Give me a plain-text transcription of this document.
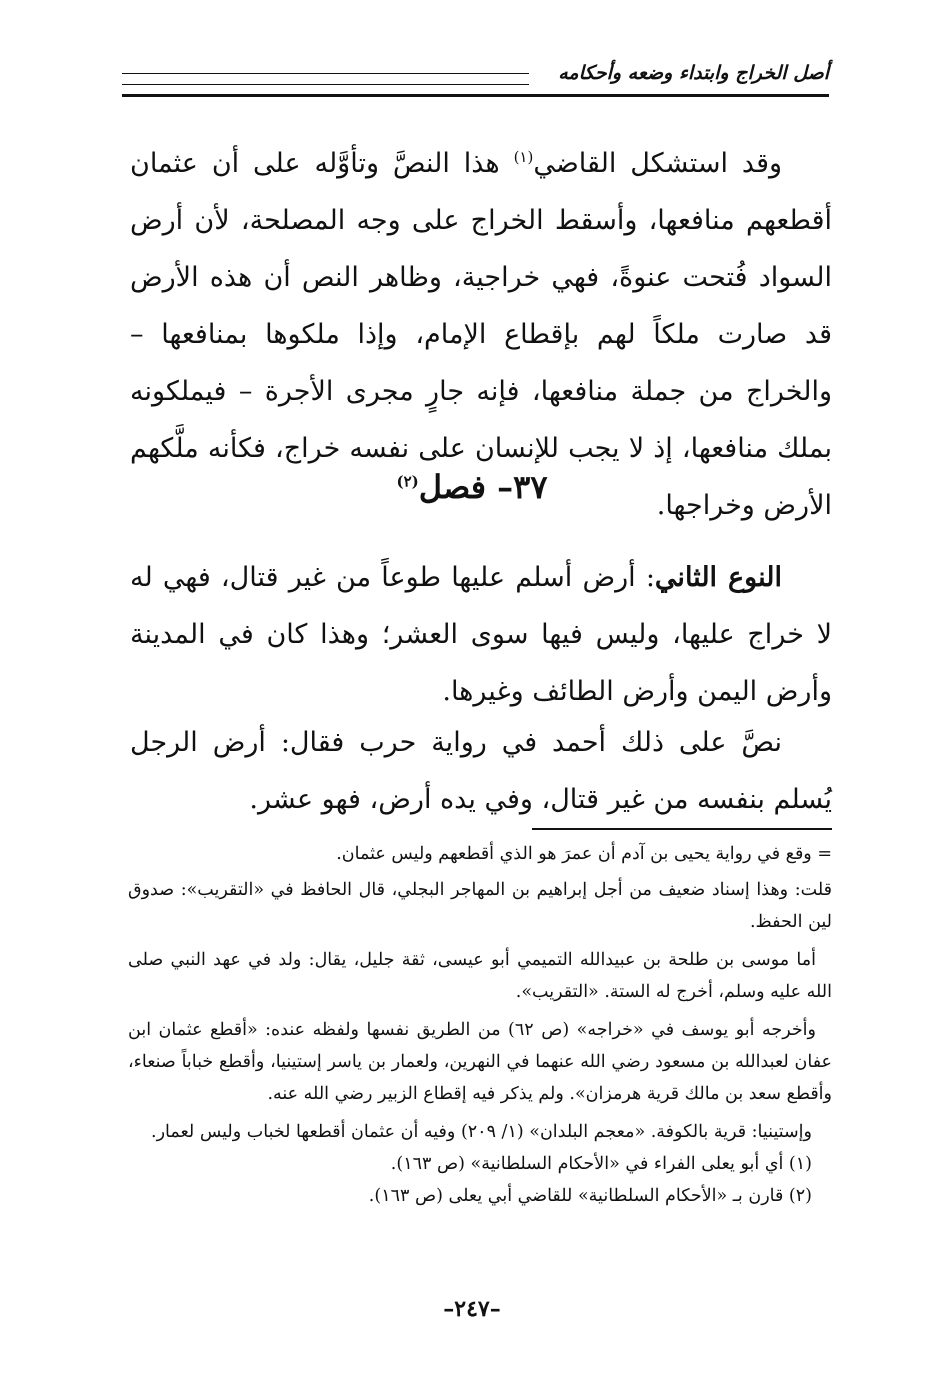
أصل الخراج وابتداء وضعه وأحكامه
وقد استشكل القاضي$^{(١)}$ هذا النصَّ وتأوَّله على أن عثمان أقطعهم منافعها، وأسقط الخراج على وجه المصلحة، لأن أرض السواد فُتحت عنوةً، فهي خراجية، وظاهر النص أن هذه الأرض قد صارت ملكاً لهم بإقطاع الإمام، وإذا ملكوها بمنافعها – والخراج من جملة منافعها، فإنه جارٍ مجرى الأجرة – فيملكونه بملك منافعها، إذ لا يجب للإنسان على نفسه خراج، فكأنه ملَّكهم الأرض وخراجها.
٣٧– فصل$^{(٢)}$
النوع الثاني: أرض أسلم عليها طوعاً من غير قتال، فهي له لا خراج عليها، وليس فيها سوى العشر؛ وهذا كان في المدينة وأرض اليمن وأرض الطائف وغيرها.
نصَّ على ذلك أحمد في رواية حرب فقال: أرض الرجل يُسلم بنفسه من غير قتال، وفي يده أرض، فهو عشر.

= وقع في رواية يحيى بن آدم أن عمرَ هو الذي أقطعهم وليس عثمان.

قلت: وهذا إسناد ضعيف من أجل إبراهيم بن المهاجر البجلي، قال الحافظ في «التقريب»: صدوق لين الحفظ.

أما موسى بن طلحة بن عبيدالله التميمي أبو عيسى، ثقة جليل، يقال: ولد في عهد النبي صلى الله عليه وسلم، أخرج له الستة. «التقريب».

وأخرجه أبو يوسف في «خراجه» (ص ٦٢) من الطريق نفسها ولفظه عنده: «أقطع عثمان ابن عفان لعبدالله بن مسعود رضي الله عنهما في النهرين، ولعمار بن ياسر إستينيا، وأقطع خباباً صنعاء، وأقطع سعد بن مالك قرية هرمزان». ولم يذكر فيه إقطاع الزبير رضي الله عنه.

وإستينيا: قرية بالكوفة. «معجم البلدان» (١/ ٢٠٩) وفيه أن عثمان أقطعها لخباب وليس لعمار.

(١) أي أبو يعلى الفراء في «الأحكام السلطانية» (ص ١٦٣).

(٢) قارن بـ «الأحكام السلطانية» للقاضي أبي يعلى (ص ١٦٣).

–٢٤٧–
